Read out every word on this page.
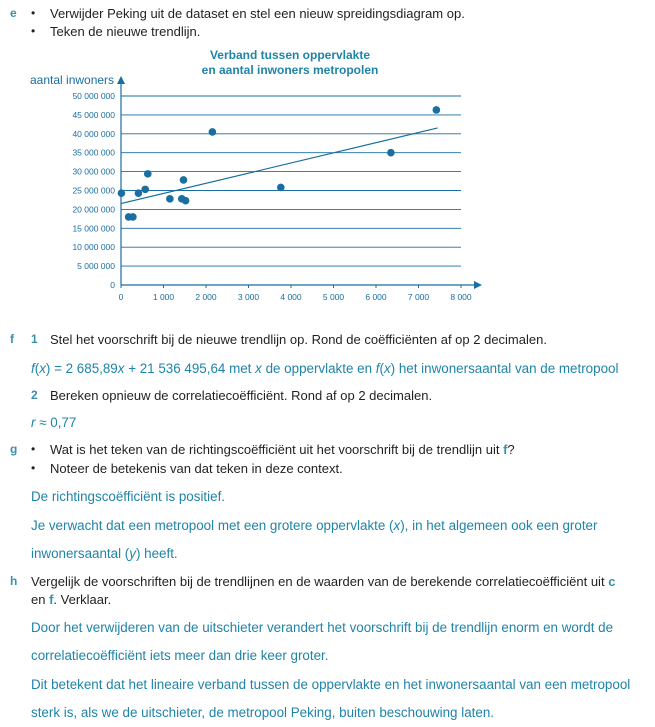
e • Verwijder Peking uit de dataset en stel een nieuw spreidingsdiagram op.
• Teken de nieuwe trendlijn.
Verband tussen oppervlakte
en aantal inwoners metropolen
aantal inwoners
0
5 000 000
10 000 000
15 000 000
20 000 000
25 000 000
30 000 000
35 000 000
40 000 000
45 000 000
50 000 000
0	1 000 2 000 3 000 4 000 5 000 6 000 7 000 8 000
f 1 Stel het voorschrift bij de nieuwe trendlijn op. Rond de coëfficiënten af op 2 decimalen.
f(x) = 2 685,89x + 21 536 495,64 met x de oppervlakte en f(x) het inwonersaantal van de metropool
2 Bereken opnieuw de correlatiecoëfficiënt. Rond af op 2 decimalen.
r ≈ 0,77
g • Wat is het teken van de richtingscoëfficiënt uit het voorschrift bij de trendlijn uit f?
• Noteer de betekenis van dat teken in deze context.
De richtingscoëfficiënt is positief.
Je verwacht dat een metropool met een grotere oppervlakte (x), in het algemeen ook een groter
inwonersaantal (y) heeft.
h Vergelijk de voorschriften bij de trendlijnen en de waarden van de berekende correlatiecoëfficiënt uit c
en f. Verklaar.
Door het verwijderen van de uitschieter verandert het voorschrift bij de trendlijn enorm en wordt de
correlatiecoëfficiënt iets meer dan drie keer groter.
Dit betekent dat het lineaire verband tussen de oppervlakte en het inwonersaantal van een metropool
sterk is, als we de uitschieter, de metropool Peking, buiten beschouwing laten.
